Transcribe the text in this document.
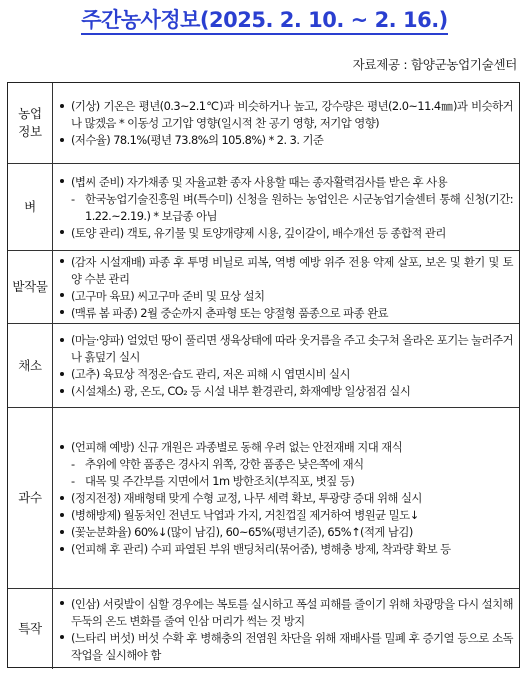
주간농사정보(2025. 2. 10. ~ 2. 16.)
자료제공 : 함양군농업기술센터
농업
정보
(기상) 기온은 평년(0.3~2.1℃)과 비슷하거나 높고, 강수량은 평년(2.0~11.4㎜)과 비슷하거나 많겠음 * 이동성 고기압 영향(일시적 찬 공기 영향, 저기압 영향)
(저수율) 78.1%(평년 73.8%의 105.8%) * 2. 3. 기준
벼
(볍씨 준비) 자가채종 및 자율교환 종자 사용할 때는 종자활력검사를 받은 후 사용
- 한국농업기술진흥원 벼(특수미) 신청을 원하는 농업인은 시군농업기술센터 통해 신청(기간: 1.22.~2.19.) * 보급종 아님
(토양 관리) 객토, 유기물 및 토양개량제 시용, 깊이갈이, 배수개선 등 종합적 관리
밭작물
(감자 시설재배) 파종 후 투명 비닐로 피복, 역병 예방 위주 전용 약제 살포, 보온 및 환기 및 토양 수분 관리
(고구마 육묘) 씨고구마 준비 및 묘상 설치
(맥류 봄 파종) 2월 중순까지 춘파형 또는 양절형 품종으로 파종 완료
채소
(마늘·양파) 얼었던 땅이 풀리면 생육상태에 따라 웃거름을 주고 솟구쳐 올라온 포기는 눌러주거나 흙덮기 실시
(고추) 육묘상 적정온·습도 관리, 저온 피해 시 엽면시비 실시
(시설채소) 광, 온도, CO₂ 등 시설 내부 환경관리, 화재예방 일상점검 실시
과수
(언피해 예방) 신규 개원은 과종별로 동해 우려 없는 안전재배 지대 재식
- 추위에 약한 품종은 경사지 위쪽, 강한 품종은 낮은쪽에 재식
- 대목 및 주간부를 지면에서 1m 방한조치(부직포, 볏짚 등)
(정지전정) 재배형태 맞게 수형 교정, 나무 세력 확보, 투광량 증대 위해 실시
(병해방제) 월동처인 전년도 낙엽과 가지, 거친껍질 제거하여 병원균 밀도↓
(꽃눈분화율) 60%↓(많이 남김), 60~65%(평년기준), 65%↑(적게 남김)
(언피해 후 관리) 수피 파열된 부위 밴딩처리(묶어줌), 병해충 방제, 착과량 확보 등
특작
(인삼) 서릿발이 심할 경우에는 복토를 실시하고 폭설 피해를 줄이기 위해 차광망을 다시 설치해 두둑의 온도 변화를 줄여 인삼 머리가 썩는 것 방지
(느타리 버섯) 버섯 수확 후 병해충의 전염원 차단을 위해 재배사를 밀폐 후 증기열 등으로 소독작업을 실시해야 함
